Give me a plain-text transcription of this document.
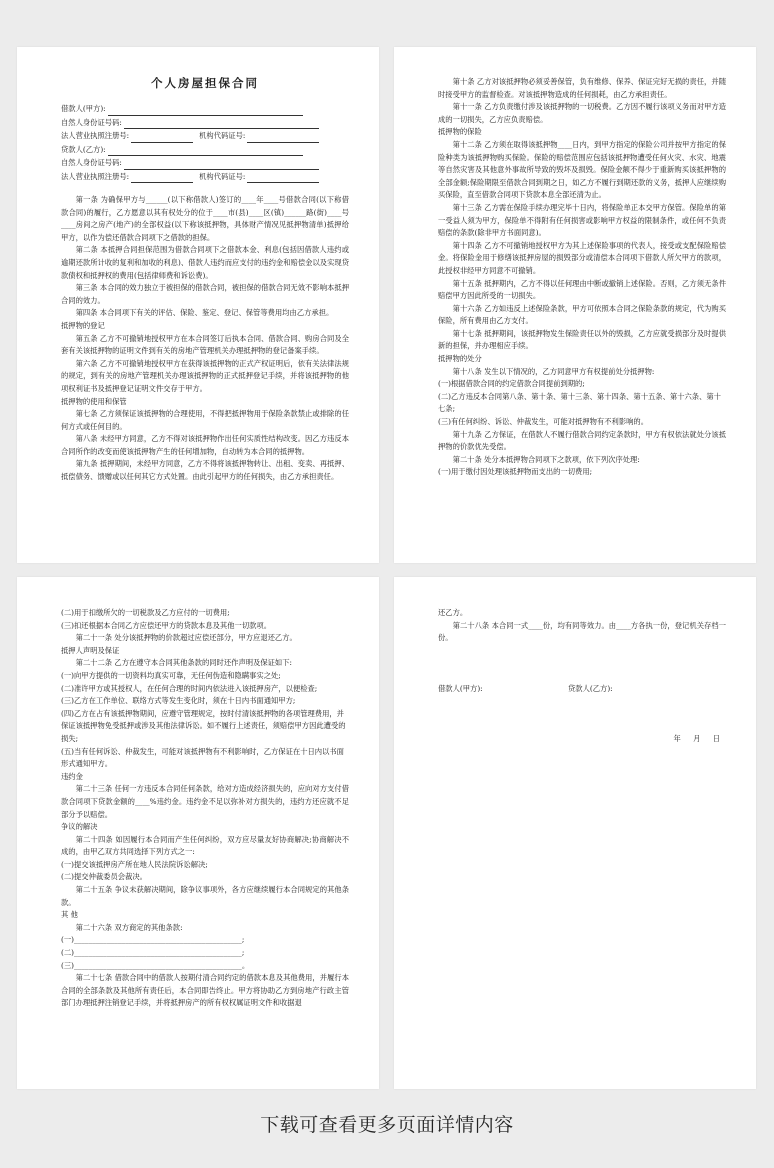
个人房屋担保合同
借款人(甲方):
自然人身份证号码:
法人营业执照注册号:	机构代码证号:
贷款人(乙方):
自然人身份证号码:
法人营业执照注册号:	机构代码证号:

第一条 为确保甲方与______(以下称借款人)签订的____年____号借款合同(以下称借款合同)的履行，乙方愿意以其有权处分的位于____市(县)____区(镇)______路(街)____号____房间之房产(地产)的全部权益(以下称该抵押物，具体财产情况见抵押物清单)抵押给甲方，以作为偿还借款合同项下之借款的担保。

第二条 本抵押合同担保范围为借款合同项下之借款本金、利息(包括因借款人违约或逾期还款所计收的复利和加收的利息)、借款人违约而应支付的违约金和赔偿金以及实现贷款债权和抵押权的费用(包括律师费和诉讼费)。

第三条 本合同的效力独立于被担保的借款合同，被担保的借款合同无效不影响本抵押合同的效力。

第四条 本合同项下有关的评估、保险、鉴定、登记、保管等费用均由乙方承担。

抵押物的登记

第五条 乙方不可撤销地授权甲方在本合同签订后执本合同、借款合同、购房合同及全套有关该抵押物的证明文件到有关的房地产管理机关办理抵押物的登记备案手续。

第六条 乙方不可撤销地授权甲方在获得该抵押物的正式产权证明后，依有关法律法规的规定，到有关的房地产管理机关办理该抵押物的正式抵押登记手续，并将该抵押物的他项权利证书及抵押登记证明文件交存于甲方。

抵押物的使用和保管

第七条 乙方须保证该抵押物的合理使用，不得把抵押物用于保险条款禁止或排除的任何方式或任何目的。

第八条 未经甲方同意，乙方不得对该抵押物作出任何实质性结构改变。因乙方违反本合同所作的改变而使该抵押物产生的任何增加物，自动转为本合同的抵押物。

第九条 抵押期间，未经甲方同意，乙方不得将该抵押物转让、出租、变卖、再抵押、抵偿债务、馈赠或以任何其它方式处置。由此引起甲方的任何损失，由乙方承担责任。

第十条 乙方对该抵押物必须妥善保管，负有维修、保养、保证完好无损的责任，并随时接受甲方的监督检查。对该抵押物造成的任何损耗，由乙方承担责任。

第十一条 乙方负责缴付涉及该抵押物的一切税费。乙方因不履行该项义务而对甲方造成的一切损失，乙方应负责赔偿。

抵押物的保险

第十二条 乙方须在取得该抵押物____日内，到甲方指定的保险公司并按甲方指定的保险种类为该抵押物购买保险。保险的赔偿范围应包括该抵押物遭受任何火灾、水灾、地震等自然灾害及其他意外事故所导致的毁坏及损毁。保险金额不得少于重新购买该抵押物的全部金额;保险期限至借款合同到期之日，如乙方不履行到期还款的义务，抵押人应继续购买保险，直至借款合同项下贷款本息全部还清为止。

第十三条 乙方需在保险手续办理完毕十日内，将保险单正本交甲方保管。保险单的第一受益人须为甲方，保险单不得附有任何损害或影响甲方权益的限制条件，或任何不负责赔偿的条款(除非甲方书面同意)。

第十四条 乙方不可撤销地授权甲方为其上述保险事项的代表人，接受或支配保险赔偿金。将保险金用于修缮该抵押房屋的损毁部分或清偿本合同项下借款人所欠甲方的款项，此授权非经甲方同意不可撤销。

第十五条 抵押期内，乙方不得以任何理由中断或撤销上述保险。否则，乙方须无条件赔偿甲方因此所受的一切损失。

第十六条 乙方如违反上述保险条款，甲方可依照本合同之保险条款的规定，代为购买保险，所有费用由乙方支付。

第十七条 抵押期间，该抵押物发生保险责任以外的毁损，乙方应就受损部分及时提供新的担保，并办理相应手续。

抵押物的处分

第十八条 发生以下情况的，乙方同意甲方有权提前处分抵押物:

(一)根据借款合同的约定借款合同提前到期的;

(二)乙方违反本合同第八条、第十条、第十三条、第十四条、第十五条、第十六条、第十七条;

(三)有任何纠纷、诉讼、仲裁发生，可能对抵押物有不利影响的。

第十九条 乙方保证，在借款人不履行借款合同约定条款时，甲方有权依法就处分该抵押物的价款优先受偿。

第二十条 处分本抵押物合同项下之款项，依下列次序处理:

(一)用于缴付因处理该抵押物而支出的一切费用;

(二)用于扣缴所欠的一切税款及乙方应付的一切费用;

(三)扣还根据本合同乙方应偿还甲方的贷款本息及其他一切款项。

第二十一条 处分该抵押物的价款超过应偿还部分，甲方应退还乙方。

抵押人声明及保证

第二十二条 乙方在遵守本合同其他条款的同时还作声明及保证如下:

(一)向甲方提供的一切资料均真实可靠，无任何伪造和隐瞒事实之处;

(二)准许甲方或其授权人，在任何合理的时间内依法进入该抵押房产，以便检查;

(三)乙方在工作单位、联络方式等发生变化时，须在十日内书面通知甲方;

(四)乙方在占有该抵押物期间，应遵守管理规定，按时付清该抵押物的各项管理费用，并保证该抵押物免受抵押或涉及其他法律诉讼。如不履行上述责任，须赔偿甲方因此遭受的损失;

(五)当有任何诉讼、仲裁发生，可能对该抵押物有不利影响时，乙方保证在十日内以书面形式通知甲方。

违约金

第二十三条 任何一方违反本合同任何条款，给对方造成经济损失的，应向对方支付借款合同项下贷款金额的____%违约金。违约金不足以弥补对方损失的，违约方还应就不足部分予以赔偿。

争议的解决

第二十四条 如因履行本合同而产生任何纠纷，双方应尽量友好协商解决;协商解决不成的，由甲乙双方共同选择下列方式之一:

(一)提交该抵押房产所在地人民法院诉讼解决;

(二)提交仲裁委员会裁决。

第二十五条 争议未获解决期间，除争议事项外，各方应继续履行本合同规定的其他条款。

其 他

第二十六条 双方商定的其他条款:

(一)______________________________________________;

(二)______________________________________________;

(三)______________________________________________。

第二十七条 借款合同中的借款人按期付清合同约定的借款本息及其他费用，并履行本合同的全部条款及其他所有责任后，本合同即告终止。甲方将协助乙方到房地产行政主管部门办理抵押注销登记手续，并将抵押房产的所有权权属证明文件和收据退

还乙方。

第二十八条 本合同一式____份，均有同等效力。由____方各执一份，登记机关存档一份。

借款人(甲方):	贷款人(乙方):

年 月 日

下载可查看更多页面详情内容
